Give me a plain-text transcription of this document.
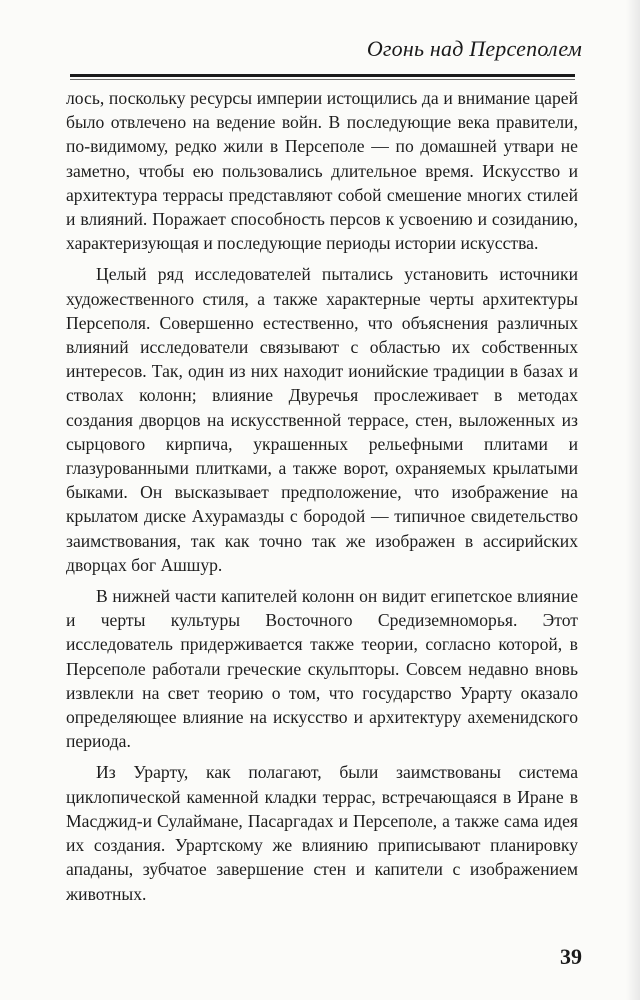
Огонь над Персеполем

лось, поскольку ресурсы империи истощились да и внимание царей было отвлечено на ведение войн. В последующие века правители, по-видимому, редко жили в Персеполе — по домашней утвари не заметно, чтобы ею пользовались длительное время. Искусство и архитектура террасы представляют собой смешение многих стилей и влияний. Поражает способность персов к усвоению и созиданию, характеризующая и последующие периоды истории искусства.

Целый ряд исследователей пытались установить источники художественного стиля, а также характерные черты архитектуры Персеполя. Совершенно естественно, что объяснения различных влияний исследователи связывают с областью их собственных интересов. Так, один из них находит ионийские традиции в базах и стволах колонн; влияние Двуречья прослеживает в методах создания дворцов на искусственной террасе, стен, выложенных из сырцового кирпича, украшенных рельефными плитами и глазурованными плитками, а также ворот, охраняемых крылатыми быками. Он высказывает предположение, что изображение на крылатом диске Ахурамазды с бородой — типичное свидетельство заимствования, так как точно так же изображен в ассирийских дворцах бог Ашшур.

В нижней части капителей колонн он видит египетское влияние и черты культуры Восточного Средиземноморья. Этот исследователь придерживается также теории, согласно которой, в Персеполе работали греческие скульпторы. Совсем недавно вновь извлекли на свет теорию о том, что государство Урарту оказало определяющее влияние на искусство и архитектуру ахеменидского периода.

Из Урарту, как полагают, были заимствованы система циклопической каменной кладки террас, встречающаяся в Иране в Масджид-и Сулаймане, Пасаргадах и Персеполе, а также сама идея их создания. Урартскому же влиянию приписывают планировку ападаны, зубчатое завершение стен и капители с изображением животных.

39
